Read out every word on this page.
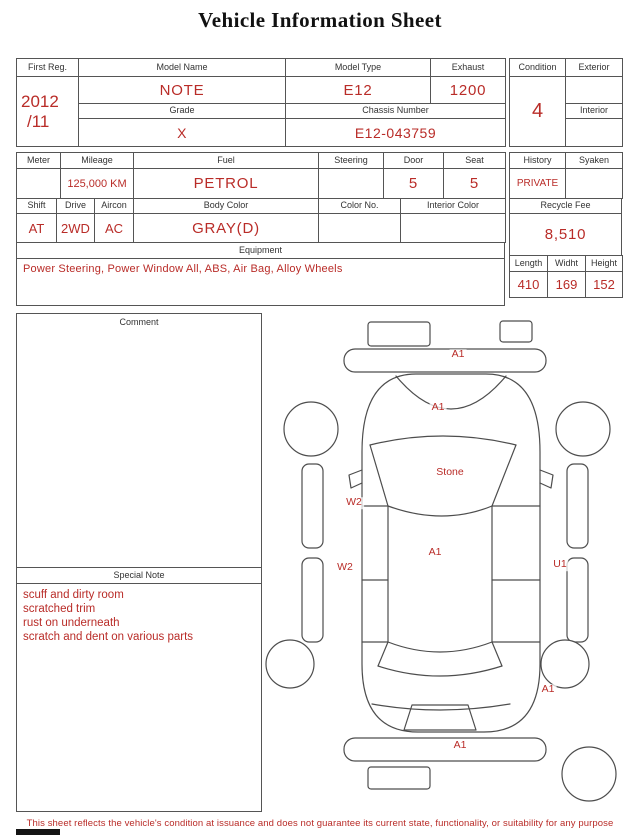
Vehicle Information Sheet
First Reg.	Model Name	Model Type	Exhaust

2012
/11	NOTE	E12	1200
	Grade	Chassis Number	
	X	E12-043759	
Condition	Exterior
4	
	Interior

Meter	Mileage	Fuel	Steering	Door	Seat
	125,000 KM	PETROL		5	5
Shift	Drive	Aircon	Body Color	Color No.	Interior Color
AT	2WD	AC	GRAY(D)		
Equipment
Power Steering, Power Window All, ABS, Air Bag, Alloy Wheels
History	Syaken
PRIVATE	
Recycle Fee
8,510
Length	Widht	Height
410	169	152
Comment
Special Note
scuff and dirty room
scratched trim
rust on underneath
scratch and dent on various parts
A1
A1
Stone
W2
W2
A1
U1
A1
A1
This sheet reflects the vehicle's condition at issuance and does not guarantee its current state, functionality, or suitability for any purpose
